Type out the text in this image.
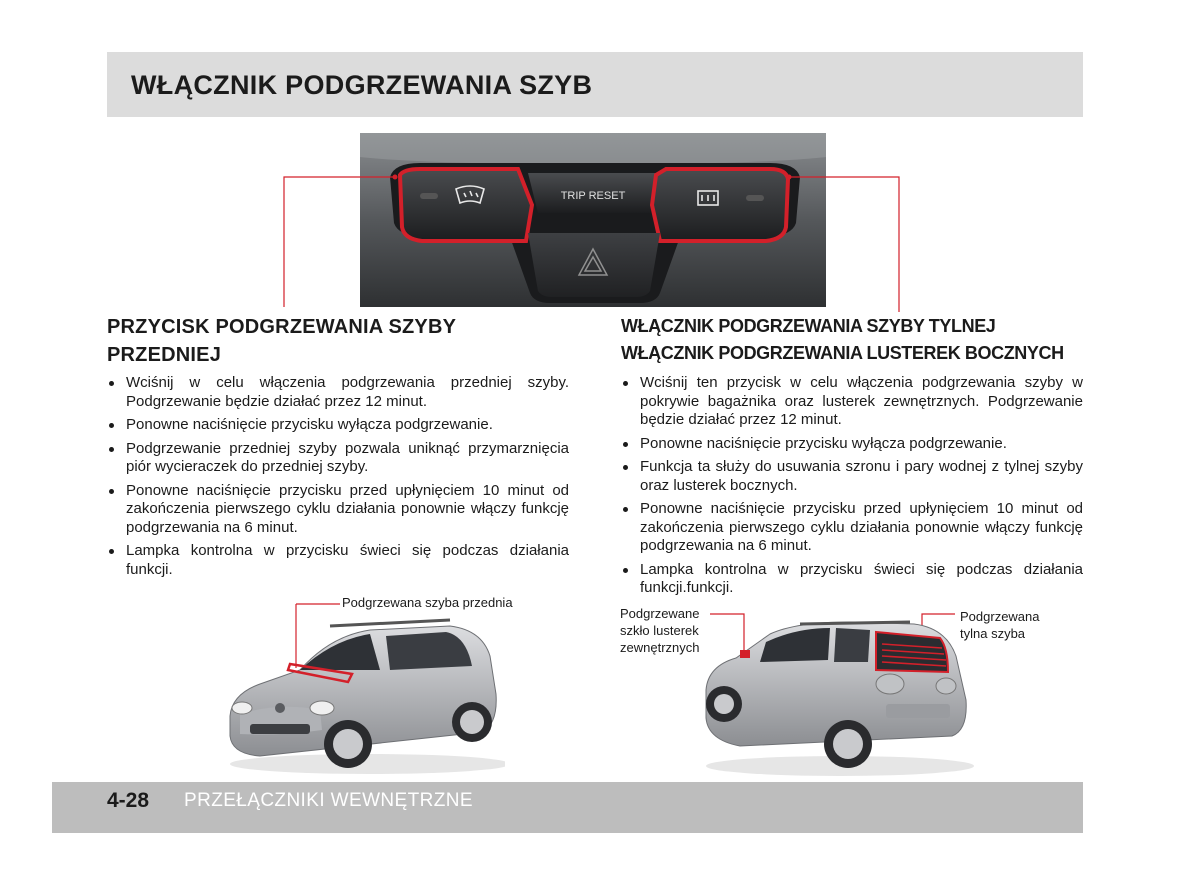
WŁĄCZNIK PODGRZEWANIA SZYB
TRIP RESET
PRZYCISK PODGRZEWANIA SZYBY
PRZEDNIEJ
Wciśnij w celu włączenia podgrzewania przedniej szyby. Podgrzewanie będzie działać przez 12 minut.
Ponowne naciśnięcie przycisku wyłącza podgrzewanie.
Podgrzewanie przedniej szyby pozwala uniknąć przymarznięcia piór wycieraczek do przedniej szyby.
Ponowne naciśnięcie przycisku przed upłynięciem 10 minut od zakończenia pierwszego cyklu działania ponownie włączy funkcję podgrzewania na 6 minut.
Lampka kontrolna w przycisku świeci się podczas działania funkcji.
WŁĄCZNIK PODGRZEWANIA SZYBY TYLNEJ
WŁĄCZNIK PODGRZEWANIA LUSTEREK BOCZNYCH
Wciśnij ten przycisk w celu włączenia podgrzewania szyby w pokrywie bagażnika oraz lusterek zewnętrznych. Podgrzewanie będzie działać przez 12 minut.
Ponowne naciśnięcie przycisku wyłącza podgrzewanie.
Funkcja ta służy do usuwania szronu i pary wodnej z tylnej szyby oraz lusterek bocznych.
Ponowne naciśnięcie przycisku przed upłynięciem 10 minut od zakończenia pierwszego cyklu działania ponownie włączy funkcję podgrzewania na 6 minut.
Lampka kontrolna w przycisku świeci się podczas działania funkcji.funkcji.
Podgrzewana szyba przednia
Podgrzewane
szkło lusterek
zewnętrznych
Podgrzewana
tylna szyba
4-28 PRZEŁĄCZNIKI WEWNĘTRZNE
